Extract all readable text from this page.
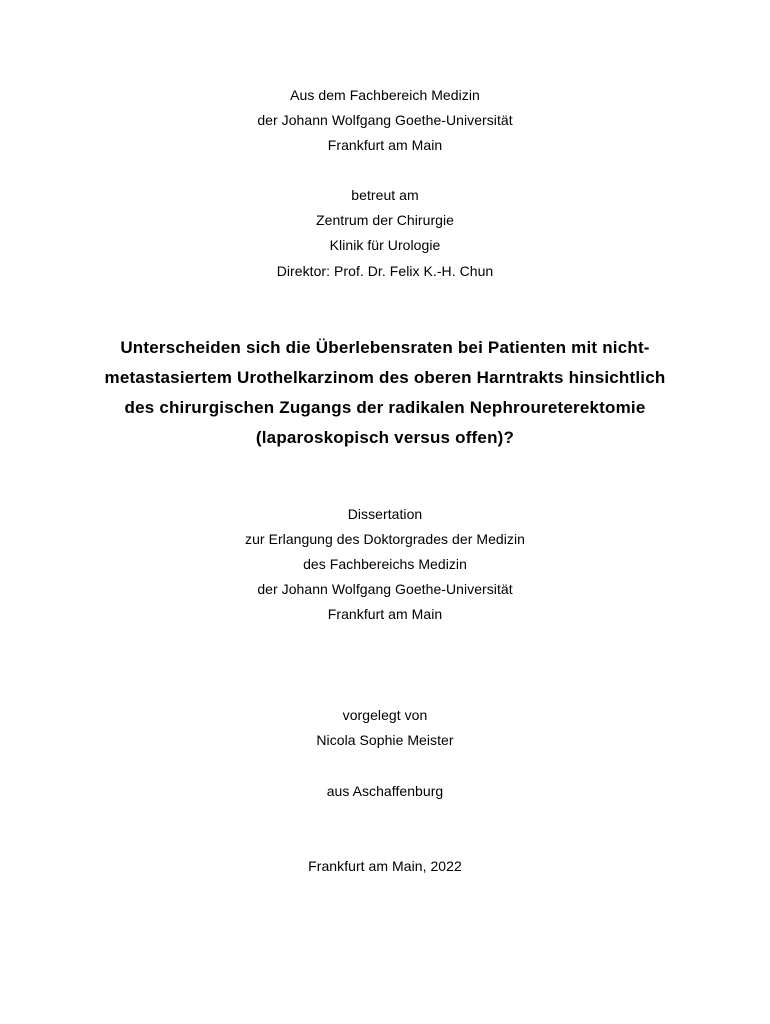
Aus dem Fachbereich Medizin
der Johann Wolfgang Goethe-Universität
Frankfurt am Main
betreut am
Zentrum der Chirurgie
Klinik für Urologie
Direktor: Prof. Dr. Felix K.-H. Chun
Unterscheiden sich die Überlebensraten bei Patienten mit nicht-
metastasiertem Urothelkarzinom des oberen Harntrakts hinsichtlich
des chirurgischen Zugangs der radikalen Nephroureterektomie
(laparoskopisch versus offen)?
Dissertation
zur Erlangung des Doktorgrades der Medizin
des Fachbereichs Medizin
der Johann Wolfgang Goethe-Universität
Frankfurt am Main
vorgelegt von
Nicola Sophie Meister
aus Aschaffenburg
Frankfurt am Main, 2022
